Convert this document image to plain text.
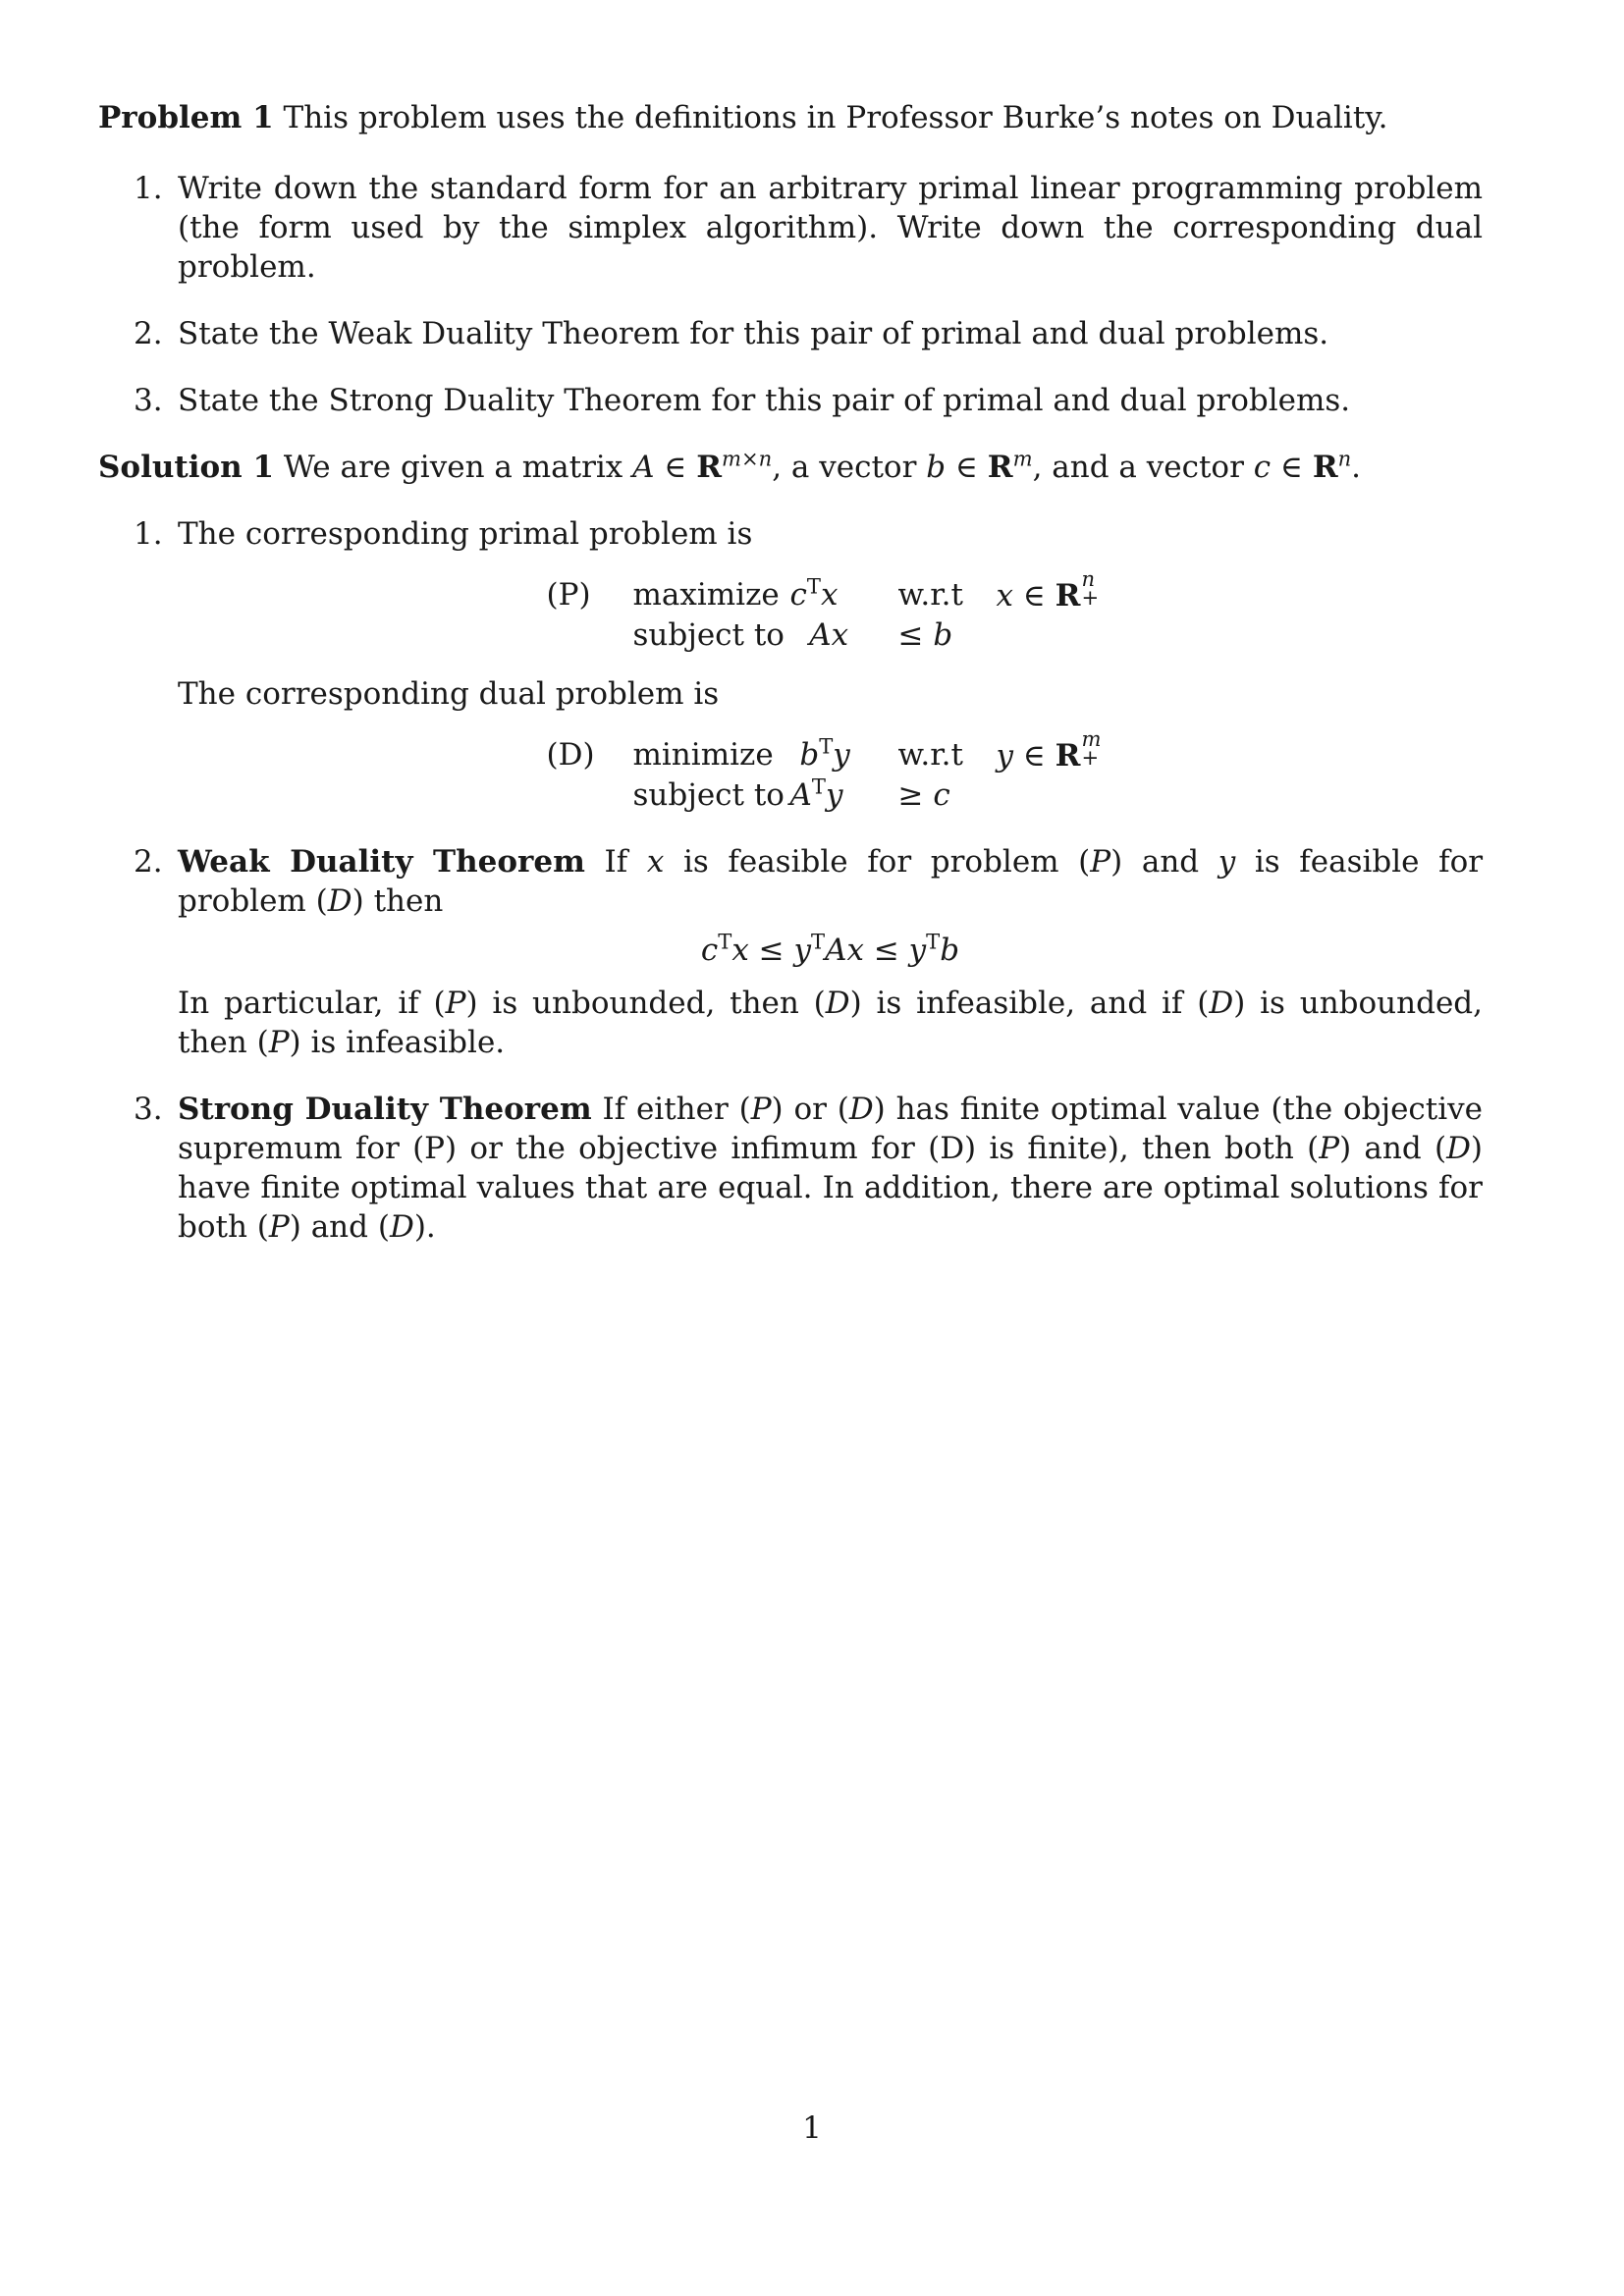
Problem 1 This problem uses the definitions in Professor Burke’s notes on Duality.
1. Write down the standard form for an arbitrary primal linear programming problem (the form used by the simplex algorithm). Write down the corresponding dual problem.
2. State the Weak Duality Theorem for this pair of primal and dual problems.
3. State the Strong Duality Theorem for this pair of primal and dual problems.
Solution 1 We are given a matrix A ∈ $R^{m\times n}$, a vector b ∈ $R^m$, and a vector c ∈ $R^n$.
1. The corresponding primal problem is
(P)	maximize $c^Tx$	w.r.t	x ∈ R n
+
subject to Ax	≤ b
The corresponding dual problem is
(D)	minimize $b^Ty$	w.r.t	y ∈ R m
+
subject to $A^Ty$	≥ c
2. Weak Duality Theorem If x is feasible for problem (P) and y is feasible for problem (D) then
$c^Tx \le y^TAx \le y^Tb$
In particular, if (P) is unbounded, then (D) is infeasible, and if (D) is unbounded, then (P) is infeasible.
3. Strong Duality Theorem If either (P) or (D) has finite optimal value (the objective supremum for (P) or the objective infimum for (D) is finite), then both (P) and (D) have finite optimal values that are equal. In addition, there are optimal solutions for both (P) and (D).
1
